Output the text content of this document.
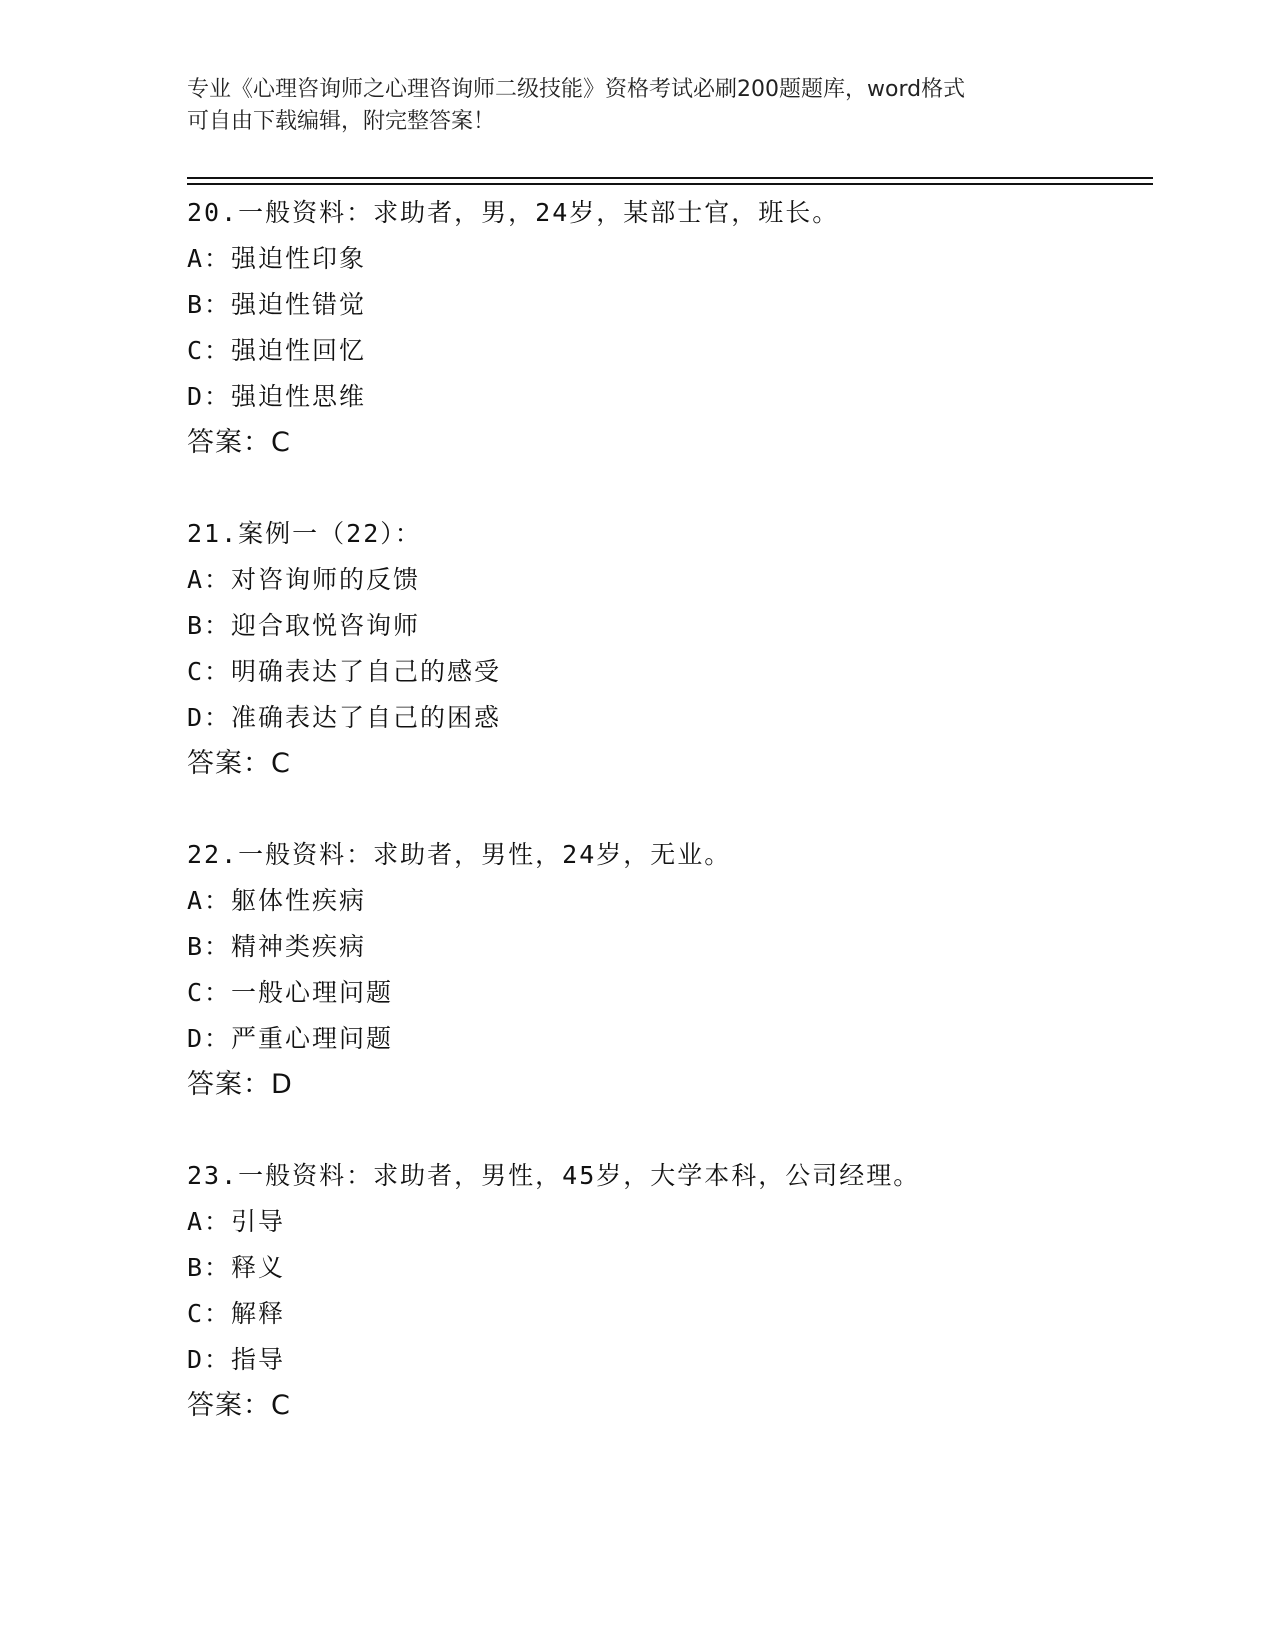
专业《心理咨询师之心理咨询师二级技能》资格考试必刷200题题库，word格式
可自由下载编辑，附完整答案！
20.一般资料：求助者，男，24岁，某部士官，班长。
A：强迫性印象
B：强迫性错觉
C：强迫性回忆
D：强迫性思维
答案：C
21.案例一（22）：
A：对咨询师的反馈
B：迎合取悦咨询师
C：明确表达了自己的感受
D：准确表达了自己的困惑
答案：C
22.一般资料：求助者，男性，24岁，无业。
A：躯体性疾病
B：精神类疾病
C：一般心理问题
D：严重心理问题
答案：D
23.一般资料：求助者，男性，45岁，大学本科，公司经理。
A：引导
B：释义
C：解释
D：指导
答案：C
